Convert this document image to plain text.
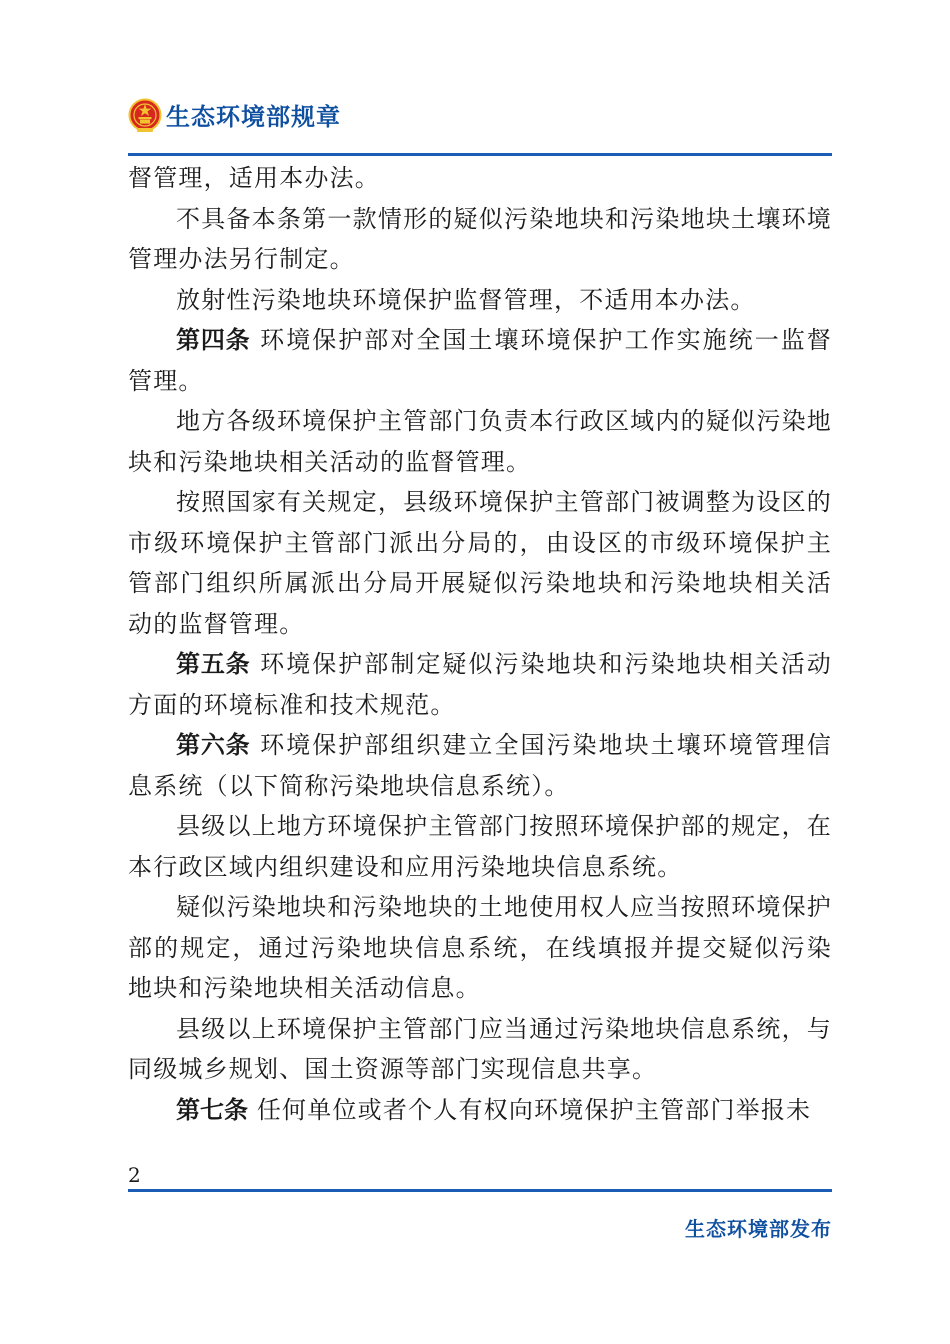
生态环境部规章

督管理，适用本办法。

不具备本条第一款情形的疑似污染地块和污染地块土壤环境管理办法另行制定。

放射性污染地块环境保护监督管理，不适用本办法。

第四条 环境保护部对全国土壤环境保护工作实施统一监督管理。

地方各级环境保护主管部门负责本行政区域内的疑似污染地块和污染地块相关活动的监督管理。

按照国家有关规定，县级环境保护主管部门被调整为设区的市级环境保护主管部门派出分局的，由设区的市级环境保护主管部门组织所属派出分局开展疑似污染地块和污染地块相关活动的监督管理。

第五条 环境保护部制定疑似污染地块和污染地块相关活动方面的环境标准和技术规范。

第六条 环境保护部组织建立全国污染地块土壤环境管理信息系统（以下简称污染地块信息系统）。

县级以上地方环境保护主管部门按照环境保护部的规定，在本行政区域内组织建设和应用污染地块信息系统。

疑似污染地块和污染地块的土地使用权人应当按照环境保护部的规定，通过污染地块信息系统，在线填报并提交疑似污染地块和污染地块相关活动信息。

县级以上环境保护主管部门应当通过污染地块信息系统，与同级城乡规划、国土资源等部门实现信息共享。

第七条 任何单位或者个人有权向环境保护主管部门举报未

2
生态环境部发布
